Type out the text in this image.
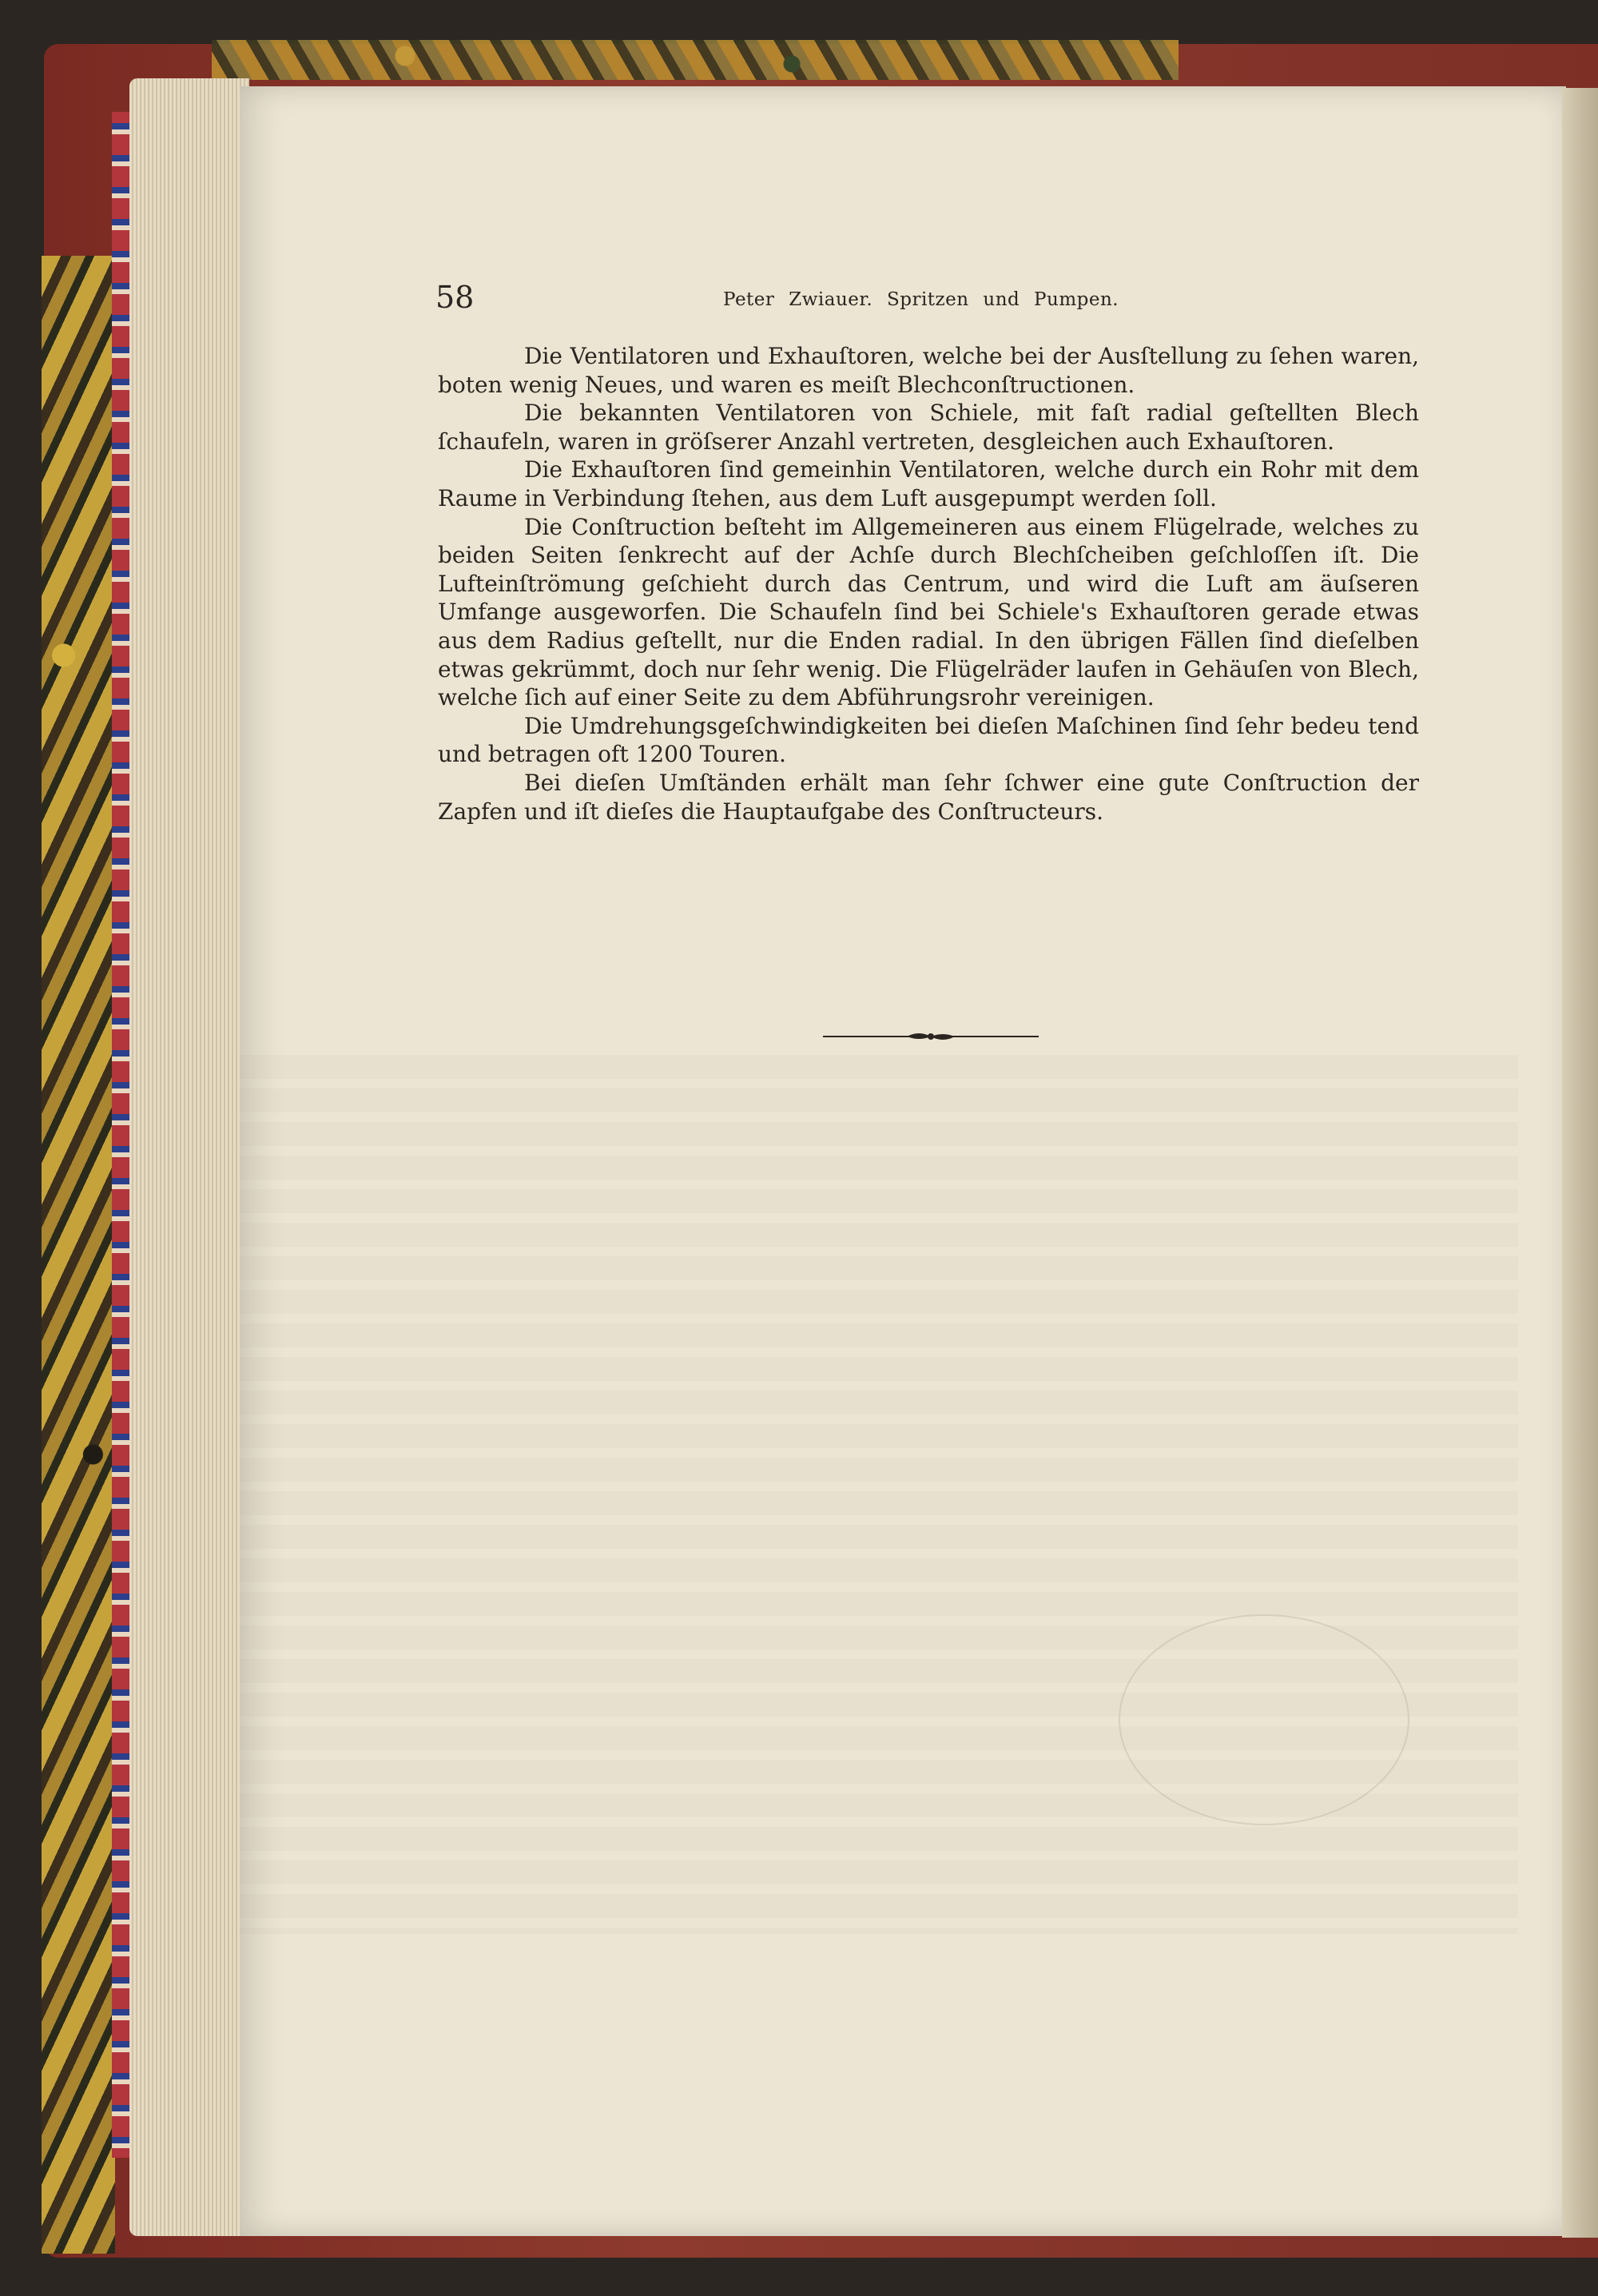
58	Peter Zwiauer. Spritzen und Pumpen.

Die Ventilatoren und Exhauſtoren, welche bei der Ausſtellung zu ſehen waren, boten wenig Neues, und waren es meiſt Blechconſtructionen.

Die bekannten Ventilatoren von Schiele, mit faſt radial geſtellten Blech ſchaufeln, waren in gröſserer Anzahl vertreten, desgleichen auch Exhauſtoren.

Die Exhauſtoren ſind gemeinhin Ventilatoren, welche durch ein Rohr mit dem Raume in Verbindung ſtehen, aus dem Luft ausgepumpt werden ſoll.

Die Conſtruction beſteht im Allgemeineren aus einem Flügelrade, welches zu beiden Seiten ſenkrecht auf der Achſe durch Blechſcheiben geſchloſſen iſt. Die Lufteinſtrömung geſchieht durch das Centrum, und wird die Luft am äuſseren Umfange ausgeworfen. Die Schaufeln ſind bei Schiele's Exhauſtoren gerade etwas aus dem Radius geſtellt, nur die Enden radial. In den übrigen Fällen ſind dieſelben etwas gekrümmt, doch nur ſehr wenig. Die Flügelräder laufen in Gehäuſen von Blech, welche ſich auf einer Seite zu dem Abführungsrohr vereinigen.

Die Umdrehungsgeſchwindigkeiten bei dieſen Maſchinen ſind ſehr bedeu tend und betragen oft 1200 Touren.

Bei dieſen Umſtänden erhält man ſehr ſchwer eine gute Conſtruction der Zapfen und iſt dieſes die Hauptaufgabe des Conſtructeurs.
